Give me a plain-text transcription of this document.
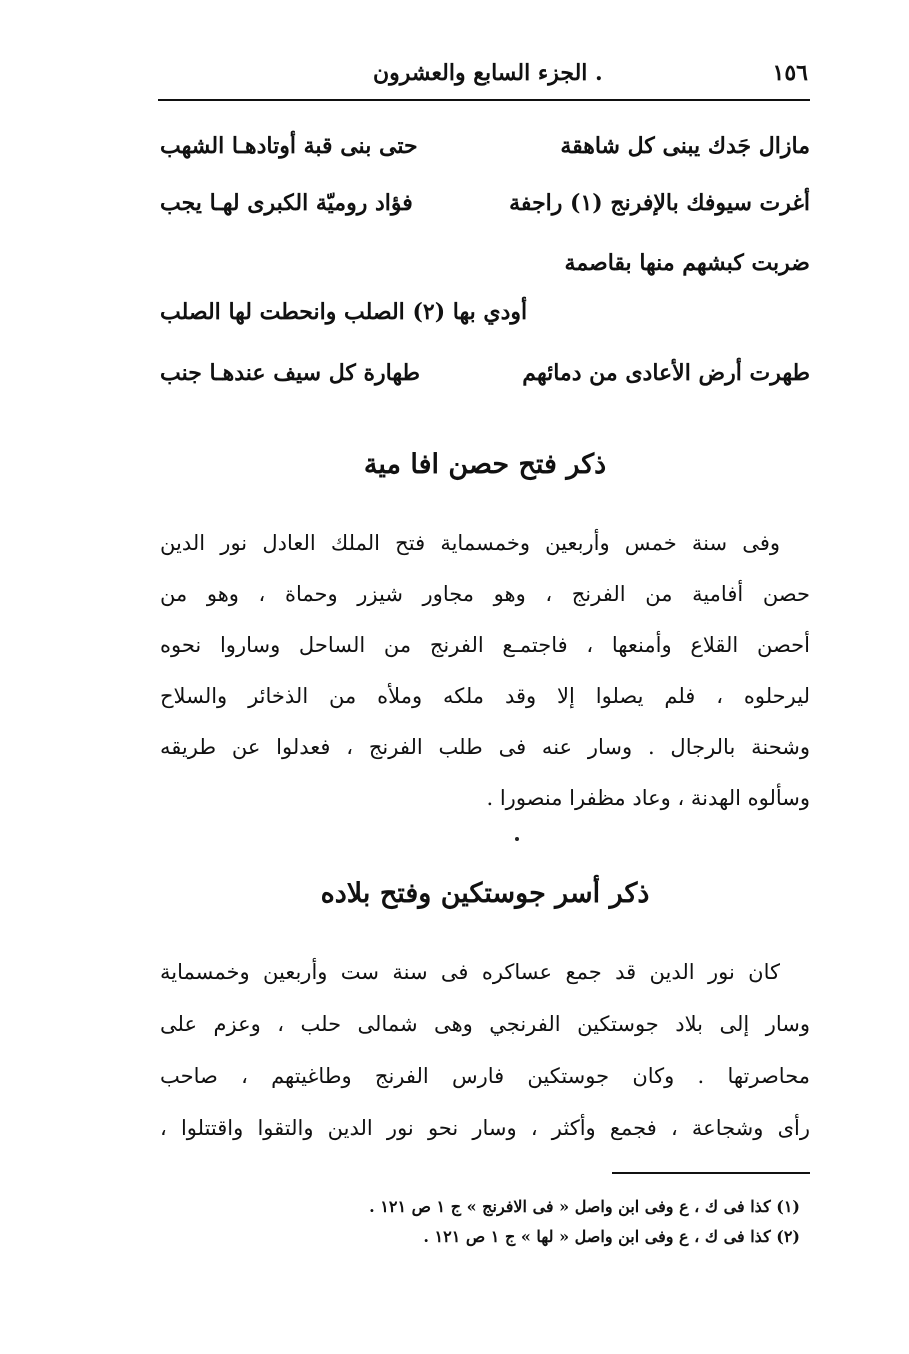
١٥٦
. الجزء السابع والعشرون
مازال جَدك يبنى كل شاهقة
حتى بنى قبة أوتادهـا الشهب
أغرت سيوفك بالإفرنج (١) راجفة
فؤاد روميّة الكبرى لهـا يجب
ضربت كبشهم منها بقاصمة
أودي بها (٢) الصلب وانحطت لها الصلب
طهرت أرض الأعادى من دمائهم
طهارة كل سيف عندهـا جنب
ذكر فتح حصن افا مية
وفى سنة خمس وأربعين وخمسماية فتح الملك العادل نور الدين
حصن أفامية من الفرنج ، وهو مجاور شيزر وحماة ، وهو من
أحصن القلاع وأمنعها ، فاجتمـع الفرنج من الساحل وساروا نحوه
ليرحلوه ، فلم يصلوا إلا وقد ملكه وملأه من الذخائر والسلاح
وشحنة بالرجال . وسار عنه فى طلب الفرنج ، فعدلوا عن طريقه
وسألوه الهدنة ، وعاد مظفرا منصورا .
ذكر أسر جوستكين وفتح بلاده
كان نور الدين قد جمع عساكره فى سنة ست وأربعين وخمسماية
وسار إلى بلاد جوستكين الفرنجي وهى شمالى حلب ، وعزم على
محاصرتها . وكان جوستكين فارس الفرنج وطاغيتهم ، صاحب
رأى وشجاعة ، فجمع وأكثر ، وسار نحو نور الدين والتقوا واقتتلوا ،
(١) كذا فى ك ، ع وفى ابن واصل « فى الافرنج » ج ١ ص ١٢١ .
(٢) كذا فى ك ، ع وفى ابن واصل « لها » ج ١ ص ١٢١ .
